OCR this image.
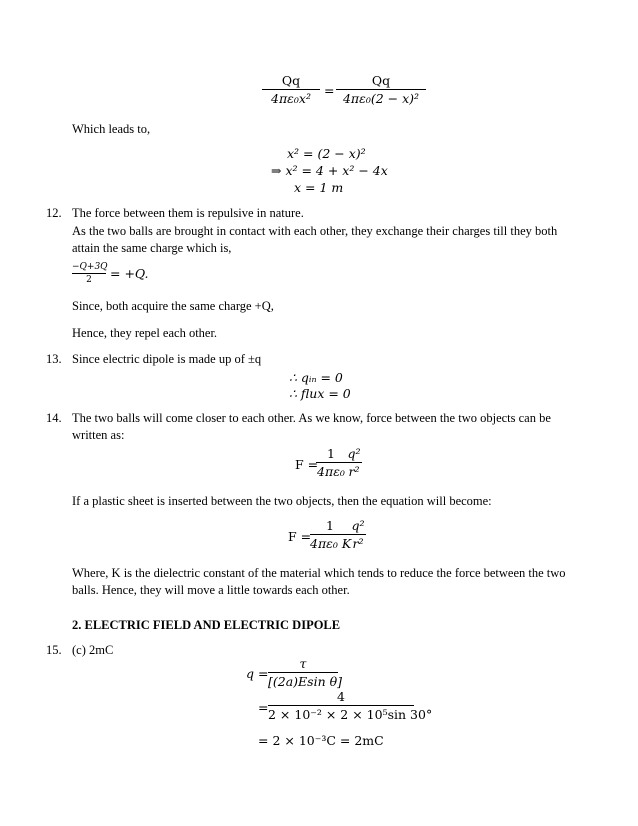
Qq
4πε₀x²
=
Qq
4πε₀(2 − x)²
Which leads to,
x² = (2 − x)²
⇒ x² = 4 + x² − 4x
x = 1 m
12. The force between them is repulsive in nature.
As the two balls are brought in contact with each other, they exchange their charges till they both attain the same charge which is,
−Q+3Q
2	= +Q.
Since, both acquire the same charge +Q,
Hence, they repel each other.
13. Since electric dipole is made up of ±q
∴ qᵢₙ = 0
∴ flux = 0
14. The two balls will come closer to each other. As we know, force between the two objects can be written as:
F =
1
4πε₀
q²
r²
If a plastic sheet is inserted between the two objects, then the equation will become:
F =
1
4πε₀ K
q²
r²
Where, K is the dielectric constant of the material which tends to reduce the force between the two balls. Hence, they will move a little towards each other.
2. ELECTRIC FIELD AND ELECTRIC DIPOLE
15. (c) 2mC
q =
τ
[(2a)Esin θ]
=
4
2 × 10⁻² × 2 × 10⁵sin 30°
= 2 × 10⁻³C = 2mC
